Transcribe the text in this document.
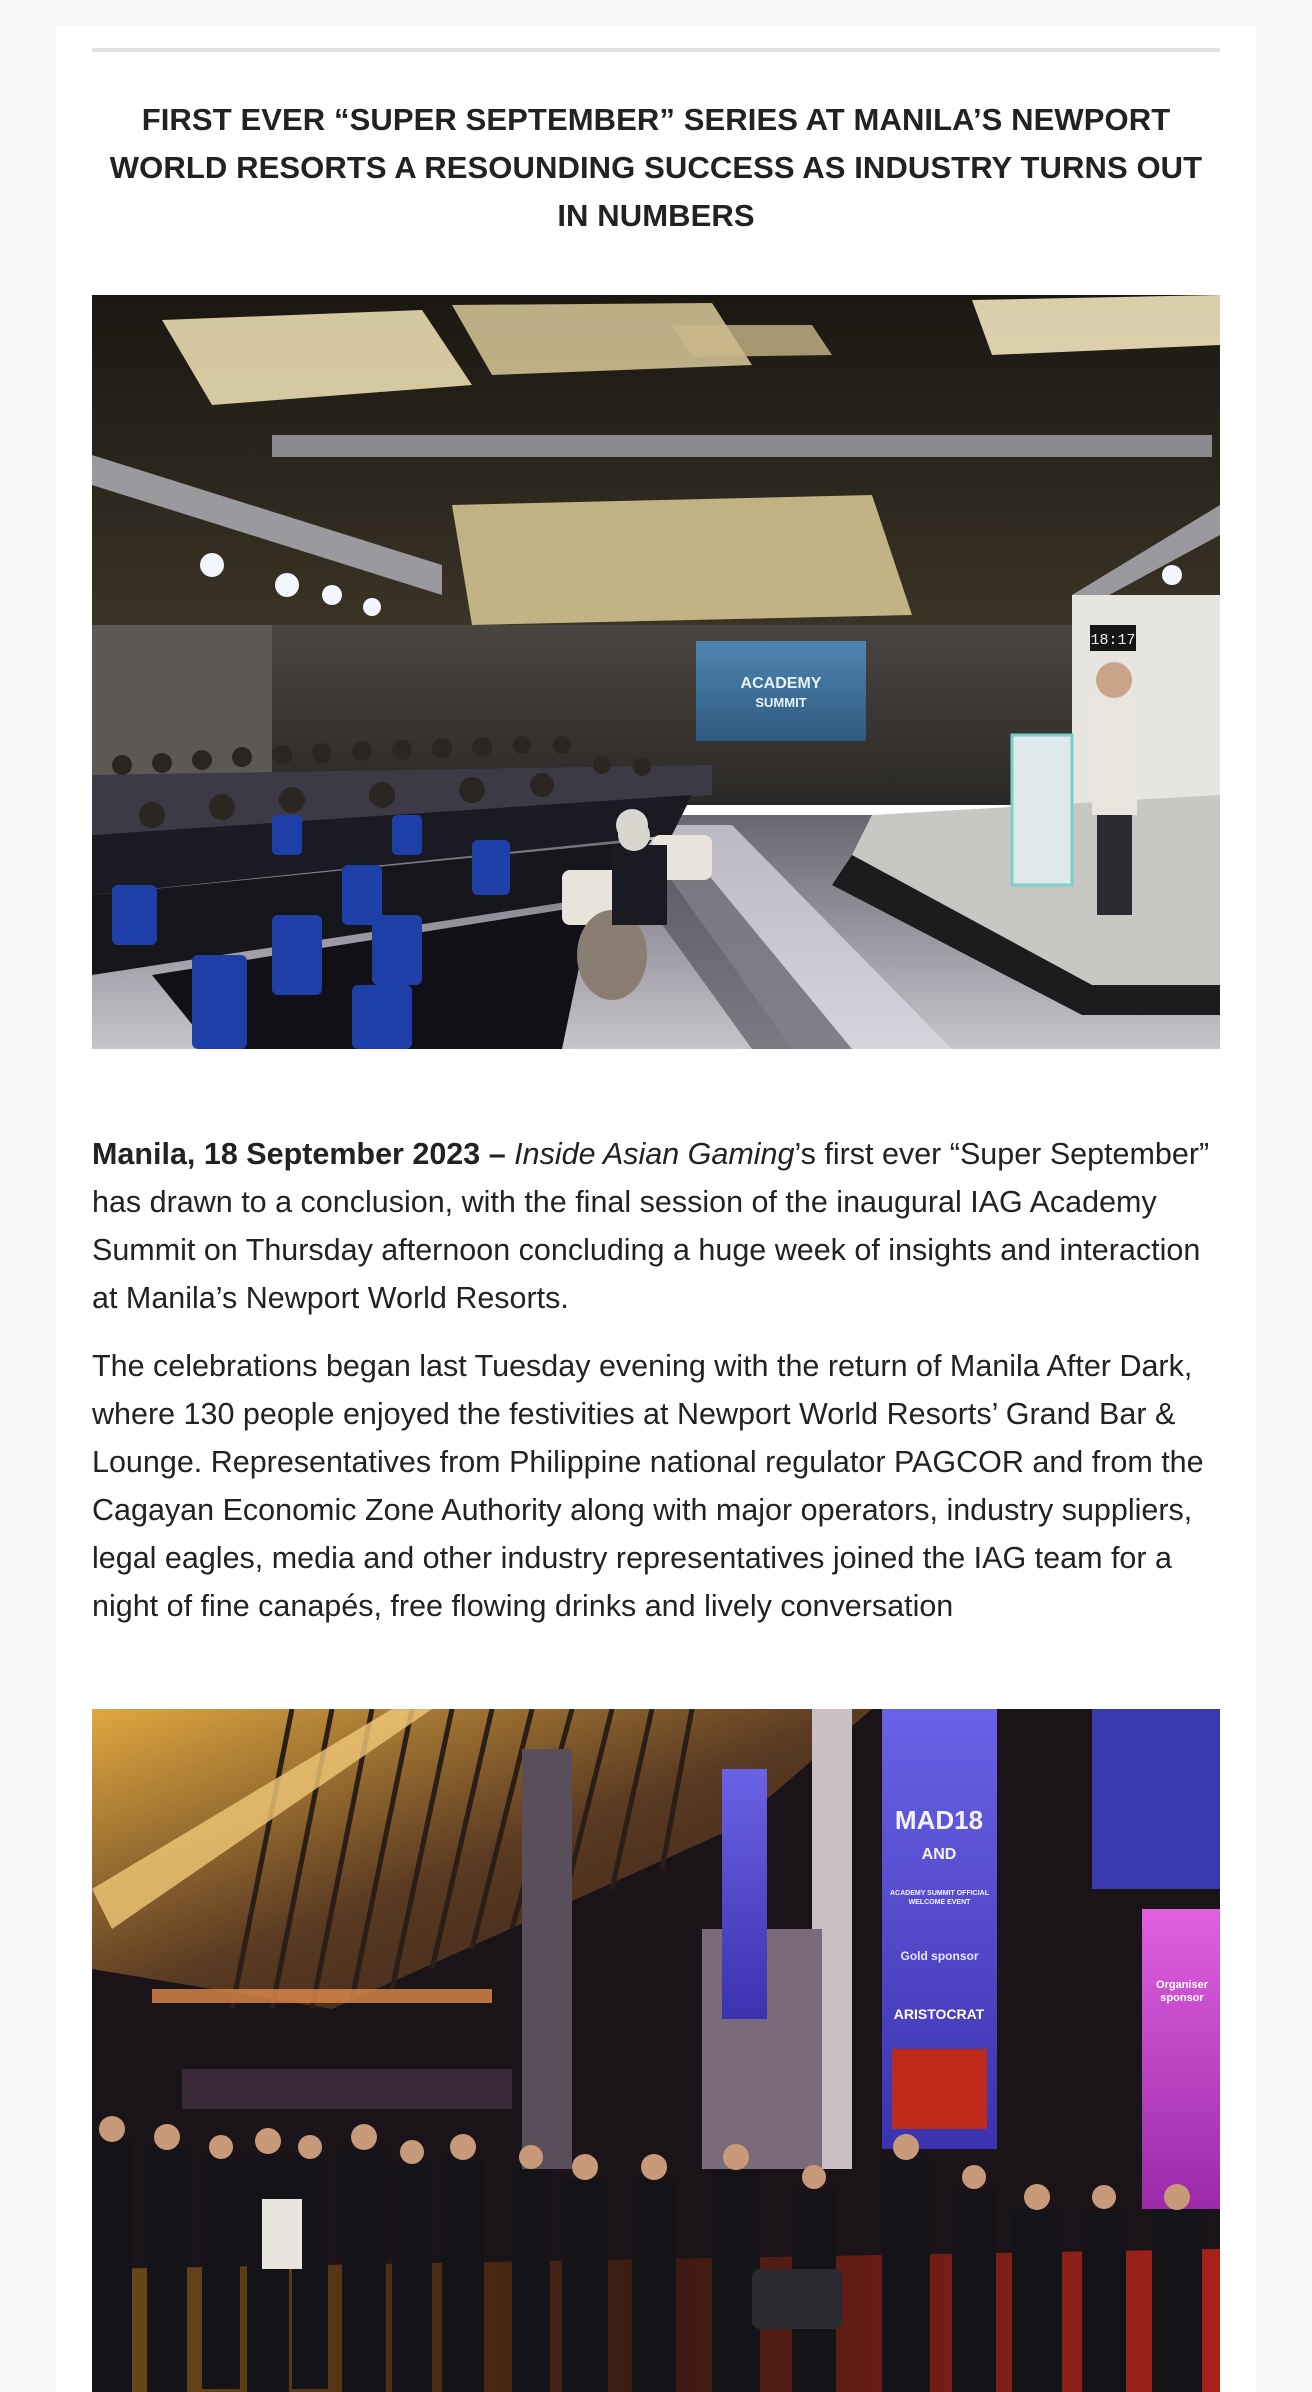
FIRST EVER “SUPER SEPTEMBER” SERIES AT MANILA’S NEWPORT WORLD RESORTS A RESOUNDING SUCCESS AS INDUSTRY TURNS OUT IN NUMBERS
ACADEMY
SUMMIT
18:17

Manila, 18 September 2023 – Inside Asian Gaming’s first ever “Super September” has drawn to a conclusion, with the final session of the inaugural IAG Academy Summit on Thursday afternoon concluding a huge week of insights and interaction at Manila’s Newport World Resorts.

The celebrations began last Tuesday evening with the return of Manila After Dark, where 130 people enjoyed the festivities at Newport World Resorts’ Grand Bar & Lounge. Representatives from Philippine national regulator PAGCOR and from the Cagayan Economic Zone Authority along with major operators, industry suppliers, legal eagles, media and other industry representatives joined the IAG team for a night of fine canapés, free flowing drinks and lively conversation

MAD18
AND
ACADEMY SUMMIT OFFICIAL WELCOME EVENT
Gold sponsor
ARISTOCRAT
Organiser sponsor
